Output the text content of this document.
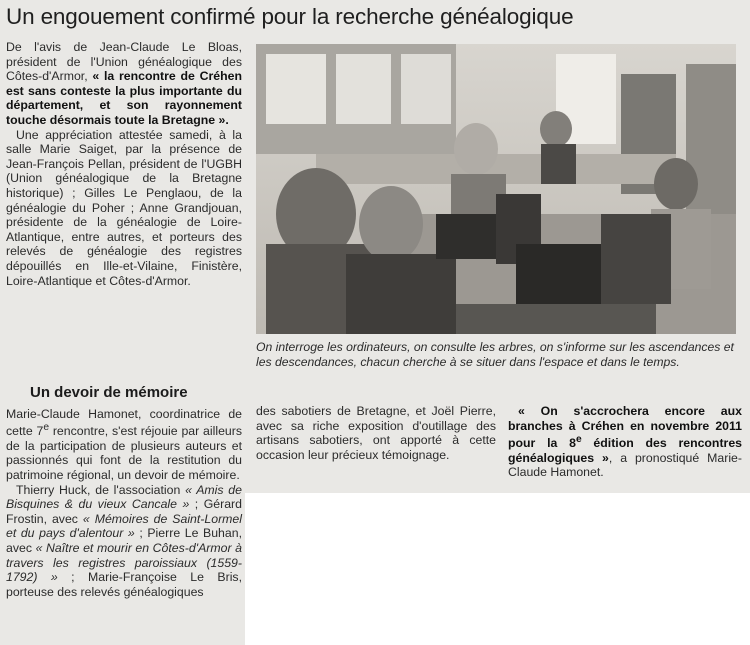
Un engouement confirmé pour la recherche généalogique

De l'avis de Jean-Claude Le Bloas, président de l'Union généalogique des Côtes-d'Armor, « la rencontre de Créhen est sans conteste la plus importante du département, et son rayonnement touche désormais toute la Bretagne ».

Une appréciation attestée samedi, à la salle Marie Saiget, par la présence de Jean-François Pellan, président de l'UGBH (Union généalogique de la Bretagne historique) ; Gilles Le Penglaou, de la généalogie du Poher ; Anne Grandjouan, présidente de la généalogie de Loire-Atlantique, entre autres, et porteurs des relevés de généalogie des registres dépouillés en Ille-et-Vilaine, Finistère, Loire-Atlantique et Côtes-d'Armor.

Un devoir de mémoire

Marie-Claude Hamonet, coordinatrice de cette 7e rencontre, s'est réjouie par ailleurs de la participation de plusieurs auteurs et passionnés qui font de la restitution du patrimoine régional, un devoir de mémoire.

Thierry Huck, de l'association « Amis de Bisquines & du vieux Cancale » ; Gérard Frostin, avec « Mémoires de Saint-Lormel et du pays d'alentour » ; Pierre Le Buhan, avec « Naître et mourir en Côtes-d'Armor à travers les registres paroissiaux (1559-1792) » ; Marie-Françoise Le Bris, porteuse des relevés généalogiques

On interroge les ordinateurs, on consulte les arbres, on s'informe sur les ascendances et les descendances, chacun cherche à se situer dans l'espace et dans le temps.
des sabotiers de Bretagne, et Joël Pierre, avec sa riche exposition d'outillage des artisans sabotiers, ont apporté à cette occasion leur précieux témoignage.

« On s'accrochera encore aux branches à Créhen en novembre 2011 pour la 8e édition des rencontres généalogiques », a pronostiqué Marie-Claude Hamonet.
